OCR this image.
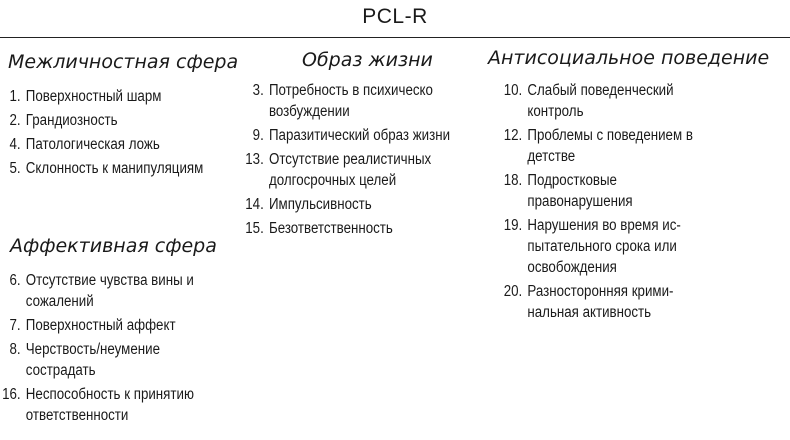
PCL-R
Межличностная сфера
1. Поверхностный шарм
2. Грандиозность
4. Патологическая ложь
5. Склонность к манипуляциям
Аффективная сфера
6. Отсутствие чувства вины и сожалений
7. Поверхностный аффект
8. Черствость/неумение сострадать
16. Неспособность к принятию ответственности
Образ жизни
3. Потребность в психическо возбуждении
9. Паразитический образ жизни
13. Отсутствие реалистичных долгосрочных целей
14. Импульсивность
15. Безответственность
Антисоциальное поведение
10. Слабый поведенческий контроль
12. Проблемы с поведением в детстве
18. Подростковые правонарушения
19. Нарушения во время ис-пытательного срока или освобождения
20. Разносторонняя крими-нальная активность
